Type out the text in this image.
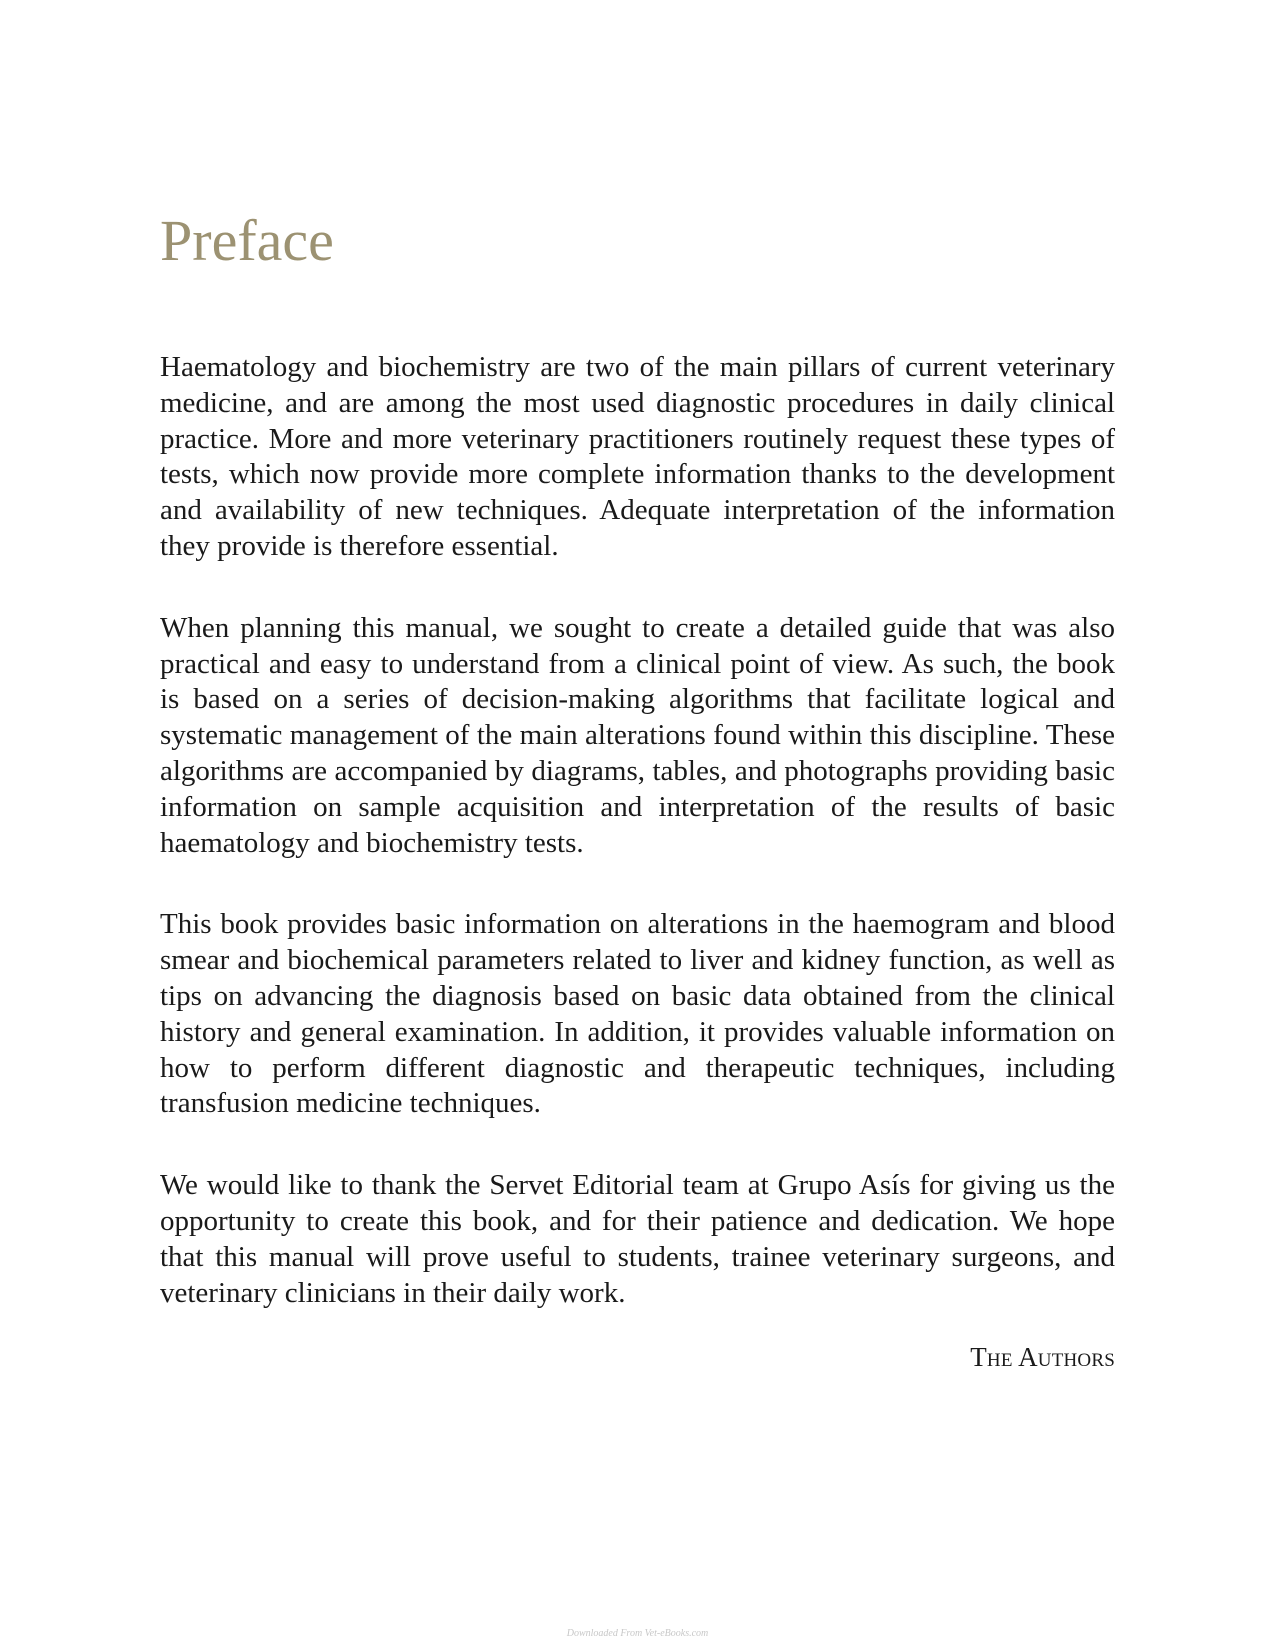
Preface

Haematology and biochemistry are two of the main pillars of current veterinary medicine, and are among the most used diagnostic procedures in daily clinical practice. More and more veterinary practitioners routinely request these types of tests, which now provide more complete information thanks to the development and availability of new techniques. Adequate interpretation of the information they provide is therefore essential.

When planning this manual, we sought to create a detailed guide that was also practical and easy to understand from a clinical point of view. As such, the book is based on a series of decision-making algorithms that facilitate logical and systematic management of the main alterations found within this discipline. These algorithms are accompanied by diagrams, tables, and photographs providing basic information on sample acquisition and interpretation of the results of basic haematology and biochemistry tests.

This book provides basic information on alterations in the haemogram and blood smear and biochemical parameters related to liver and kidney function, as well as tips on advancing the diagnosis based on basic data obtained from the clinical history and general examination. In addition, it provides valuable information on how to perform different diagnostic and therapeutic techniques, including transfusion medicine techniques.

We would like to thank the Servet Editorial team at Grupo Asís for giving us the opportunity to create this book, and for their patience and dedication. We hope that this manual will prove useful to students, trainee veterinary surgeons, and veterinary clinicians in their daily work.

The Authors

Downloaded From Vet-eBooks.com
